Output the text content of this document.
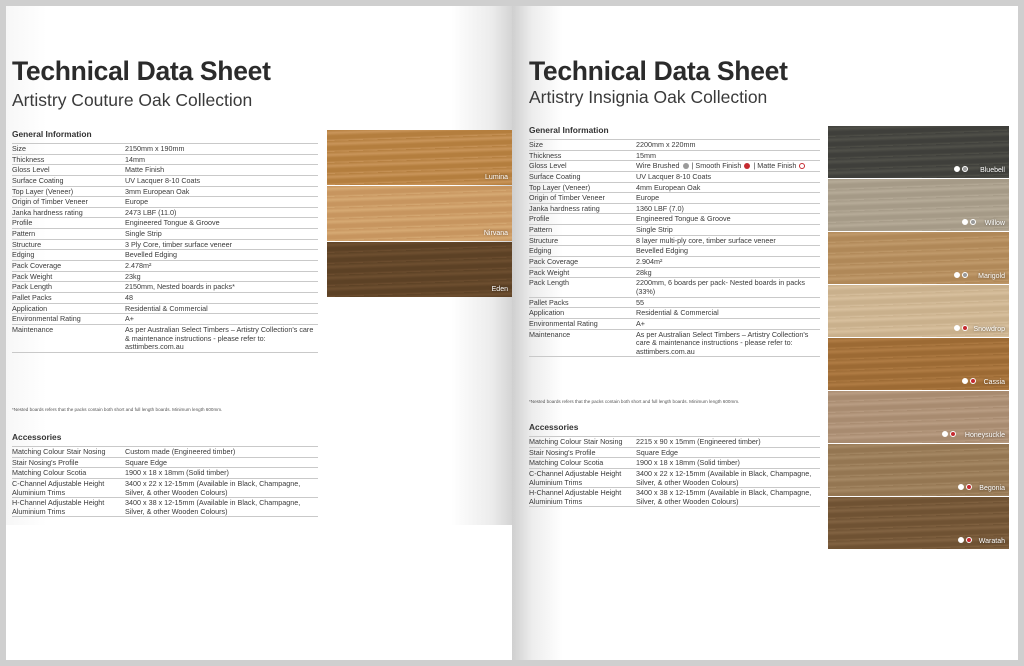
Technical Data Sheet
Artistry Couture Oak Collection
General Information
Size	2150mm x 190mm
Thickness	14mm
Gloss Level	Matte Finish
Surface Coating	UV Lacquer 8-10 Coats
Top Layer (Veneer)	3mm European Oak
Origin of Timber Veneer	Europe
Janka hardness rating	2473 LBF (11.0)
Profile	Engineered Tongue & Groove
Pattern	Single Strip
Structure	3 Ply Core, timber surface veneer
Edging	Bevelled Edging
Pack Coverage	2.478m²
Pack Weight	23kg
Pack Length	2150mm, Nested boards in packs*
Pallet Packs	48
Application	Residential & Commercial
Environmental Rating	A+
Maintenance	As per Australian Select Timbers – Artistry Collection's care & maintenance instructions - please refer to: asttimbers.com.au
*Nested boards refers that the packs contain both short and full length boards. Minimum length 600mm.
Accessories
Matching Colour Stair Nosing	Custom made (Engineered timber)
Stair Nosing's Profile	Square Edge
Matching Colour Scotia	1900 x 18 x 18mm (Solid timber)
C-Channel Adjustable Height Aluminium Trims	3400 x 22 x 12-15mm (Available in Black, Champagne, Silver, & other Wooden Colours)
H-Channel Adjustable Height Aluminium Trims	3400 x 38 x 12-15mm (Available in Black, Champagne, Silver, & other Wooden Colours)
Lumina
Nirvana
Eden
Technical Data Sheet
Artistry Insignia Oak Collection
General Information
Size	2200mm x 220mm
Thickness	15mm
Gloss Level	Wire Brushed  | Smooth Finish  | Matte Finish
Surface Coating	UV Lacquer 8-10 Coats
Top Layer (Veneer)	4mm European Oak
Origin of Timber Veneer	Europe
Janka hardness rating	1360 LBF (7.0)
Profile	Engineered Tongue & Groove
Pattern	Single Strip
Structure	8 layer multi-ply core, timber surface veneer
Edging	Bevelled Edging
Pack Coverage	2.904m²
Pack Weight	28kg
Pack Length	2200mm, 6 boards per pack- Nested boards in packs (33%)
Pallet Packs	55
Application	Residential & Commercial
Environmental Rating	A+
Maintenance	As per Australian Select Timbers – Artistry Collection's care & maintenance instructions - please refer to: asttimbers.com.au
*Nested boards refers that the packs contain both short and full length boards. Minimum length 600mm.
Accessories
Matching Colour Stair Nosing	2215 x 90 x 15mm (Engineered timber)
Stair Nosing's Profile	Square Edge
Matching Colour Scotia	1900 x 18 x 18mm (Solid timber)
C-Channel Adjustable Height Aluminium Trims	3400 x 22 x 12-15mm (Available in Black, Champagne, Silver, & other Wooden Colours)
H-Channel Adjustable Height Aluminium Trims	3400 x 38 x 12-15mm (Available in Black, Champagne, Silver, & other Wooden Colours)
Bluebell
Willow
Marigold
Snowdrop
Cassia
Honeysuckle
Begonia
Waratah
